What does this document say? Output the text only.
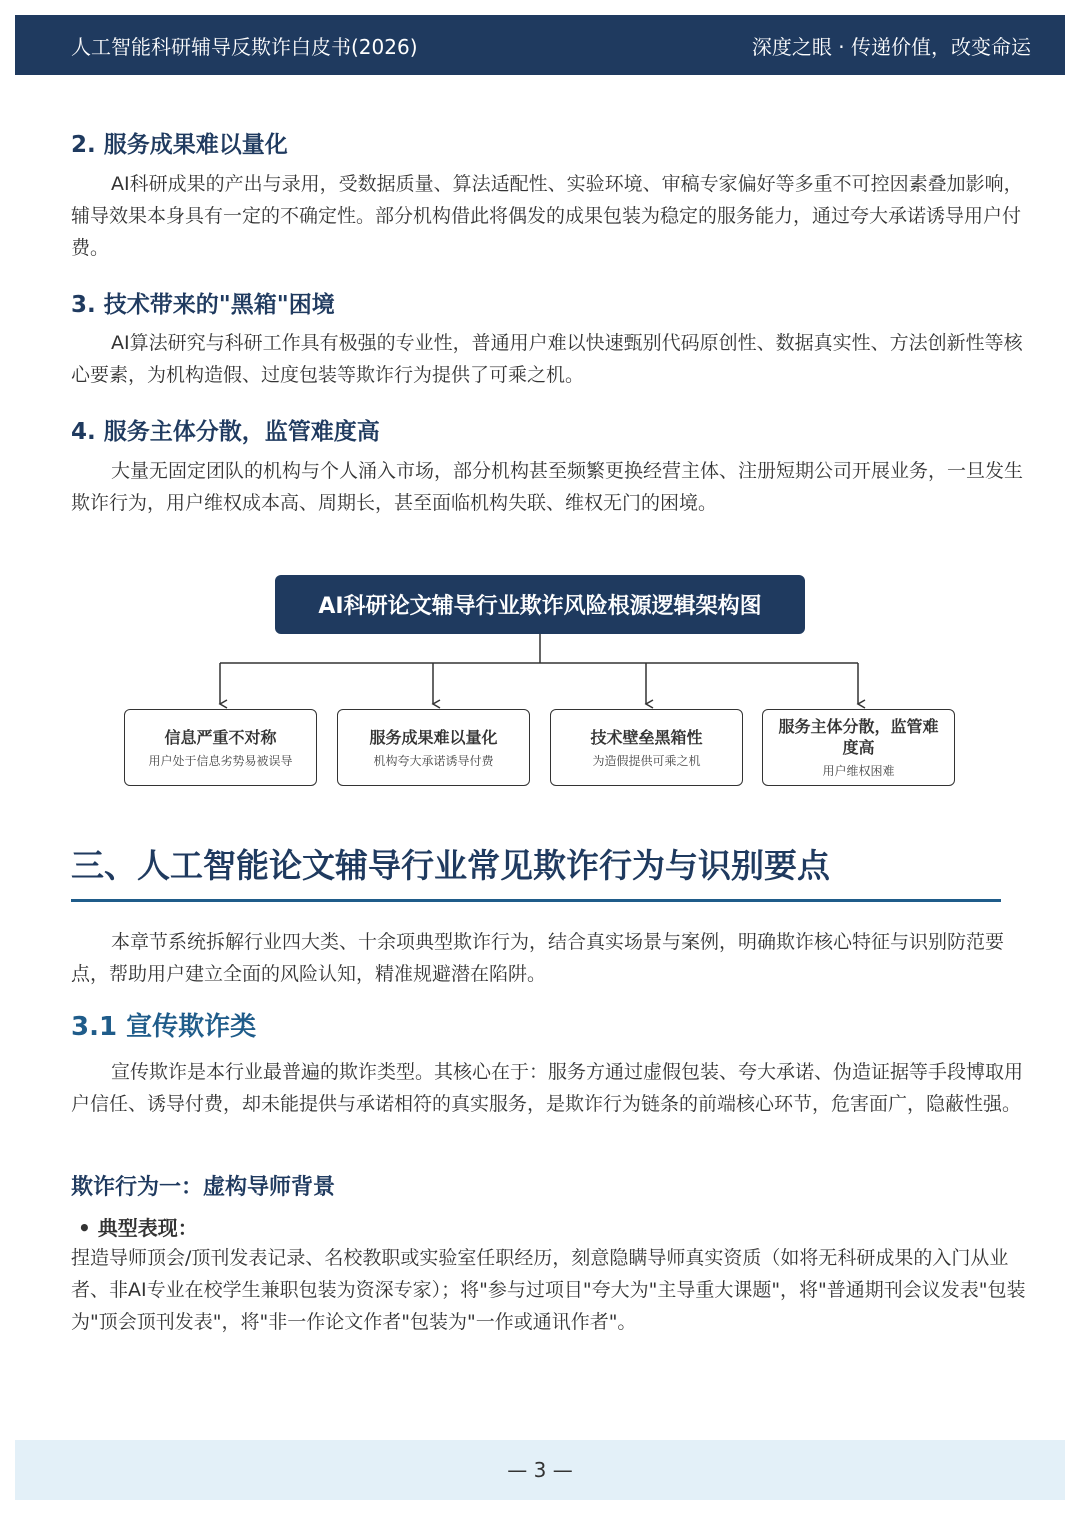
人工智能科研辅导反欺诈白皮书(2026)	深度之眼 · 传递价值，改变命运
2. 服务成果难以量化
AI科研成果的产出与录用，受数据质量、算法适配性、实验环境、审稿专家偏好等多重不可控因素叠加影响，辅导效果本身具有一定的不确定性。部分机构借此将偶发的成果包装为稳定的服务能力，通过夸大承诺诱导用户付费。
3. 技术带来的"黑箱"困境
AI算法研究与科研工作具有极强的专业性，普通用户难以快速甄别代码原创性、数据真实性、方法创新性等核心要素，为机构造假、过度包装等欺诈行为提供了可乘之机。
4. 服务主体分散，监管难度高
大量无固定团队的机构与个人涌入市场，部分机构甚至频繁更换经营主体、注册短期公司开展业务，一旦发生欺诈行为，用户维权成本高、周期长，甚至面临机构失联、维权无门的困境。
AI科研论文辅导行业欺诈风险根源逻辑架构图
信息严重不对称
用户处于信息劣势易被误导
服务成果难以量化
机构夸大承诺诱导付费
技术壁垒黑箱性
为造假提供可乘之机
服务主体分散，监管难度高
用户维权困难
三、人工智能论文辅导行业常见欺诈行为与识别要点
本章节系统拆解行业四大类、十余项典型欺诈行为，结合真实场景与案例，明确欺诈核心特征与识别防范要点，帮助用户建立全面的风险认知，精准规避潜在陷阱。
3.1 宣传欺诈类
宣传欺诈是本行业最普遍的欺诈类型。其核心在于：服务方通过虚假包装、夸大承诺、伪造证据等手段博取用户信任、诱导付费，却未能提供与承诺相符的真实服务，是欺诈行为链条的前端核心环节，危害面广，隐蔽性强。
欺诈行为一：虚构导师背景
• 典型表现：
捏造导师顶会/顶刊发表记录、名校教职或实验室任职经历，刻意隐瞒导师真实资质（如将无科研成果的入门从业者、非AI专业在校学生兼职包装为资深专家）；将"参与过项目"夸大为"主导重大课题"，将"普通期刊会议发表"包装为"顶会顶刊发表"，将"非一作论文作者"包装为"一作或通讯作者"。
— 3 —
